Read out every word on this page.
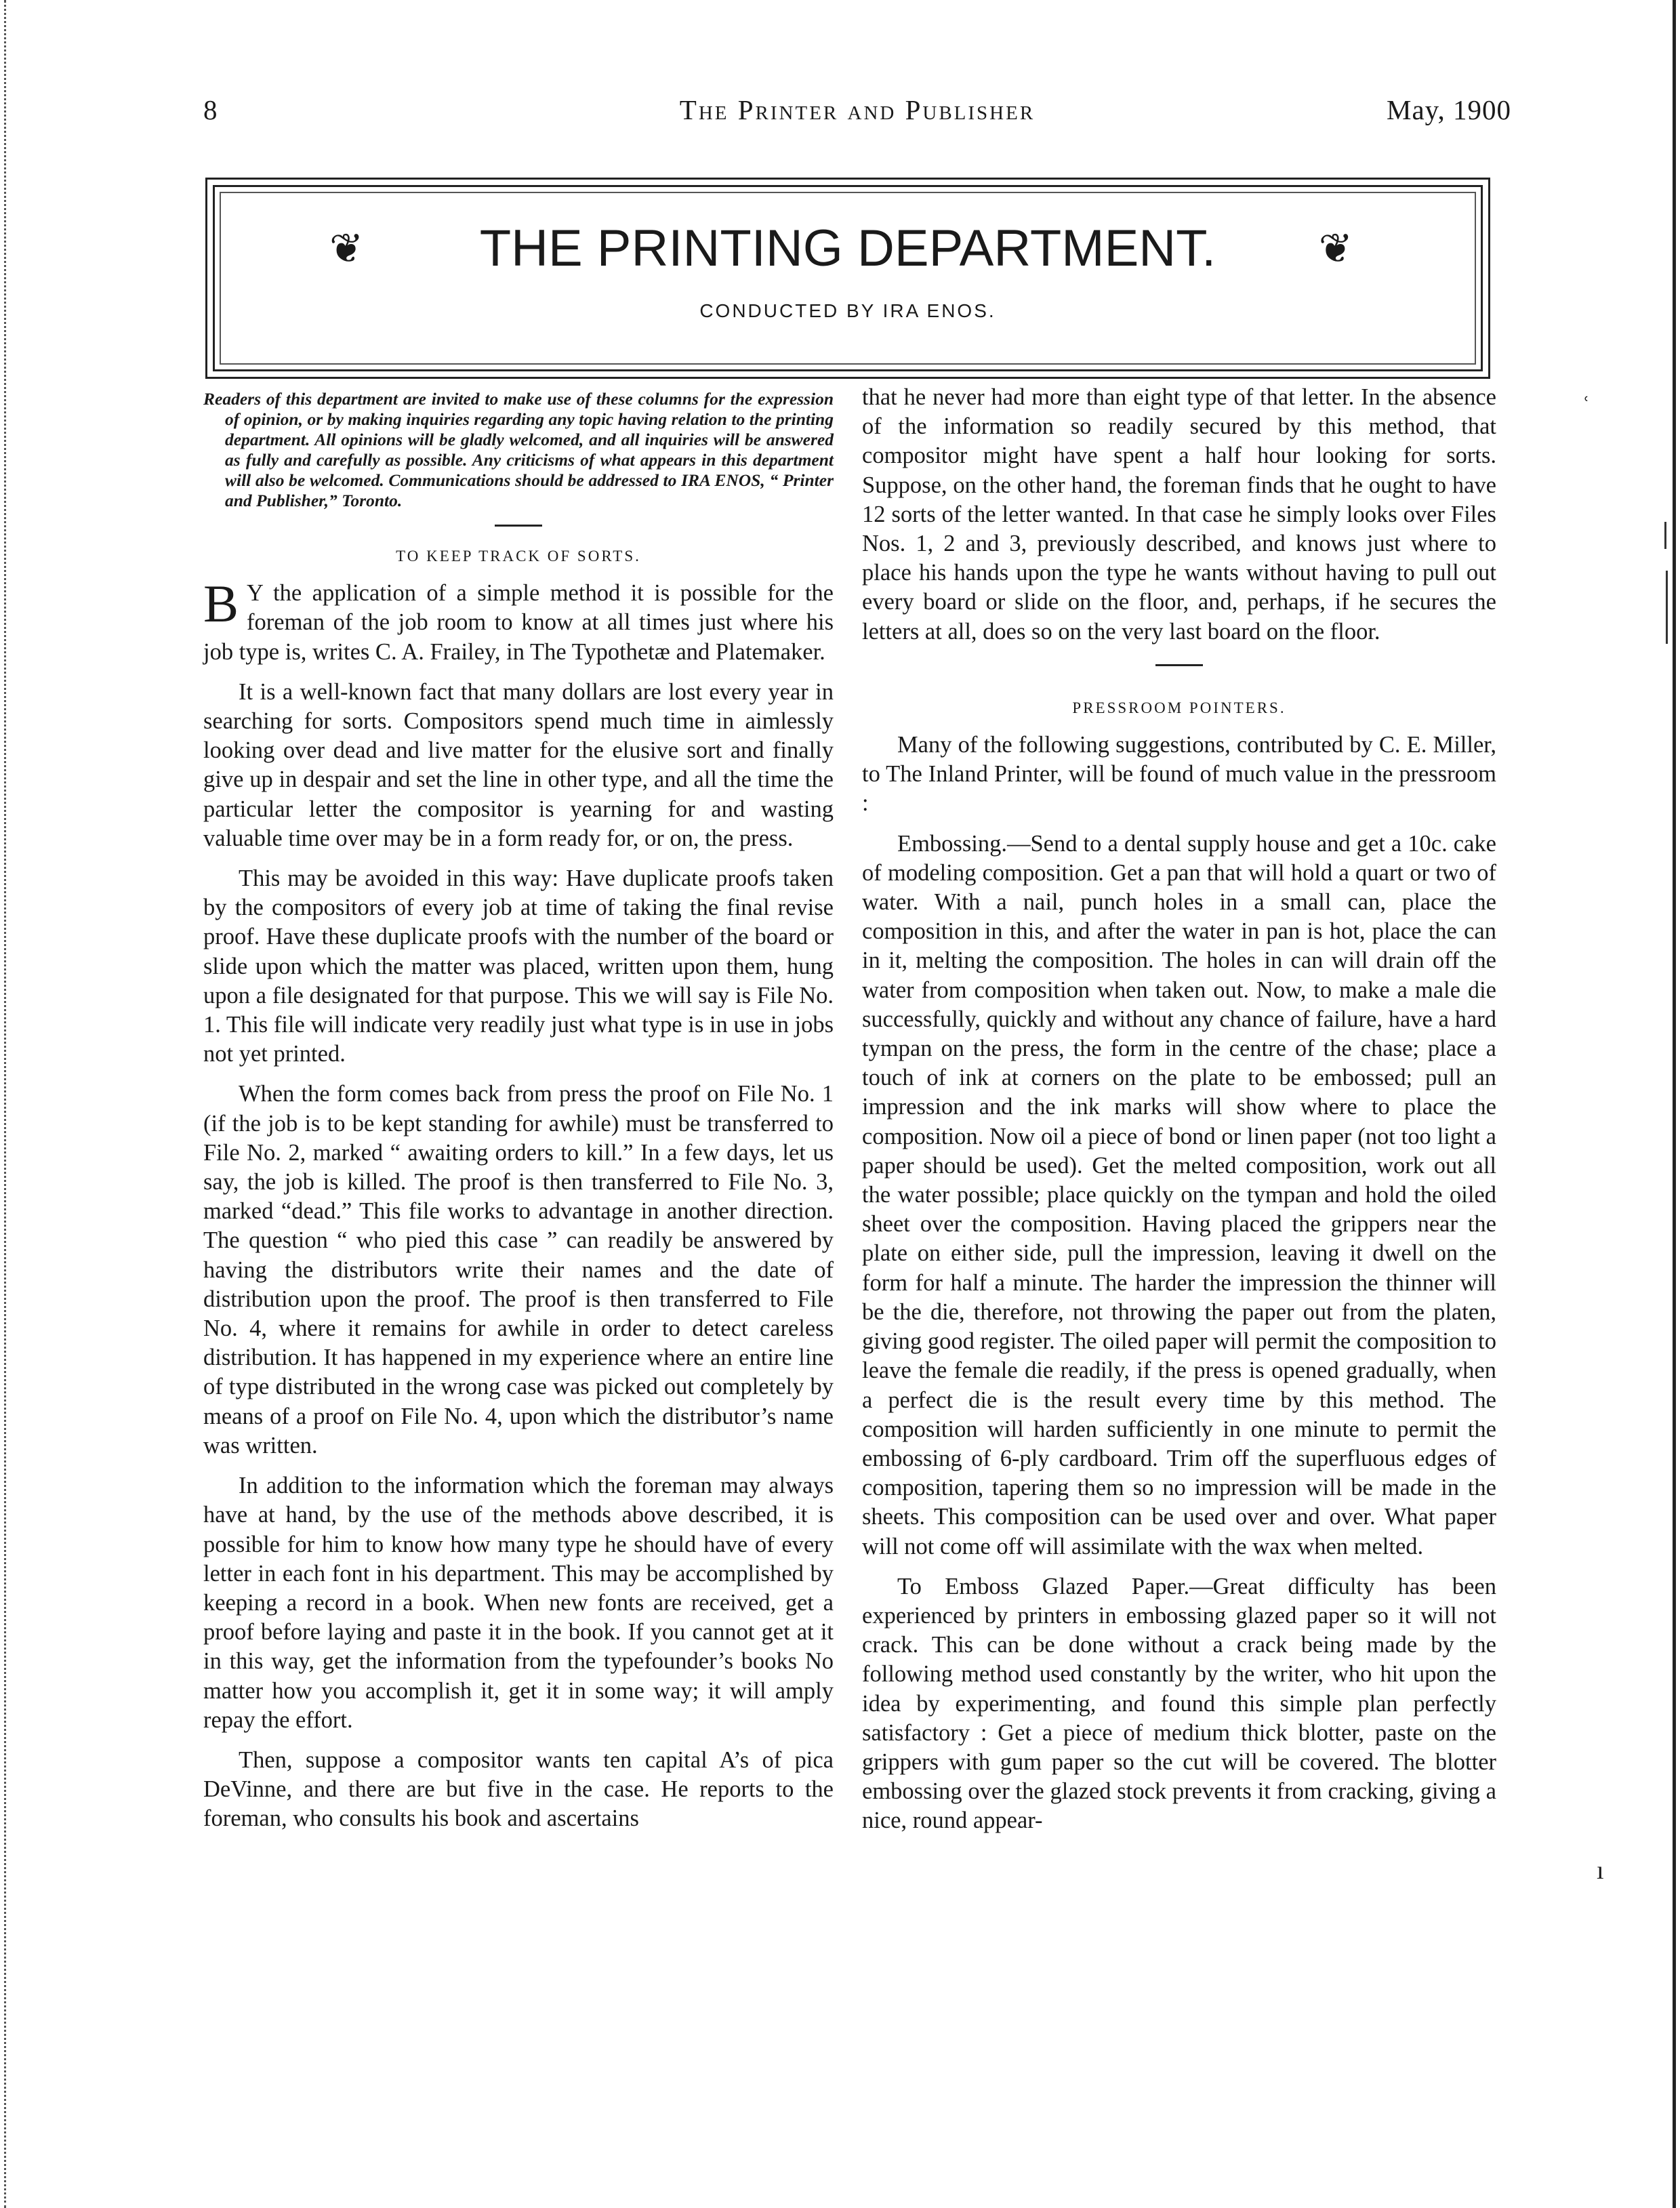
8	The Printer and Publisher	May, 1900
❦	THE PRINTING DEPARTMENT.	❦
CONDUCTED BY IRA ENOS.

Readers of this department are invited to make use of these columns for the expression of opinion, or by making inquiries regarding any topic having relation to the printing department. All opinions will be gladly welcomed, and all inquiries will be answered as fully and carefully as possible. Any criticisms of what appears in this department will also be welcomed. Communications should be addressed to IRA ENOS, “ Printer and Publisher,” Toronto.

TO KEEP TRACK OF SORTS.

B Y the application of a simple method it is possible for the foreman of the job room to know at all times just where his job type is, writes C. A. Frailey, in The Typothetæ and Platemaker.

It is a well-known fact that many dollars are lost every year in searching for sorts. Compositors spend much time in aimlessly looking over dead and live matter for the elusive sort and finally give up in despair and set the line in other type, and all the time the particular letter the compositor is yearning for and wasting valuable time over may be in a form ready for, or on, the press.

This may be avoided in this way: Have duplicate proofs taken by the compositors of every job at time of taking the final revise proof. Have these duplicate proofs with the number of the board or slide upon which the matter was placed, written upon them, hung upon a file designated for that purpose. This we will say is File No. 1. This file will indicate very readily just what type is in use in jobs not yet printed.

When the form comes back from press the proof on File No. 1 (if the job is to be kept standing for awhile) must be transferred to File No. 2, marked “ awaiting orders to kill.” In a few days, let us say, the job is killed. The proof is then transferred to File No. 3, marked “dead.” This file works to advantage in another direction. The question “ who pied this case ” can readily be answered by having the distributors write their names and the date of distribution upon the proof. The proof is then transferred to File No. 4, where it remains for awhile in order to detect careless distribution. It has happened in my experience where an entire line of type distributed in the wrong case was picked out completely by means of a proof on File No. 4, upon which the distributor’s name was written.

In addition to the information which the foreman may always have at hand, by the use of the methods above described, it is possible for him to know how many type he should have of every letter in each font in his department. This may be accomplished by keeping a record in a book. When new fonts are received, get a proof before laying and paste it in the book. If you cannot get at it in this way, get the information from the typefounder’s books No matter how you accomplish it, get it in some way; it will amply repay the effort.

Then, suppose a compositor wants ten capital A’s of pica DeVinne, and there are but five in the case. He reports to the foreman, who consults his book and ascertains

that he never had more than eight type of that letter. In the absence of the information so readily secured by this method, that compositor might have spent a half hour looking for sorts. Suppose, on the other hand, the foreman finds that he ought to have 12 sorts of the letter wanted. In that case he simply looks over Files Nos. 1, 2 and 3, previously described, and knows just where to place his hands upon the type he wants without having to pull out every board or slide on the floor, and, perhaps, if he secures the letters at all, does so on the very last board on the floor.

PRESSROOM POINTERS.

Many of the following suggestions, contributed by C. E. Miller, to The Inland Printer, will be found of much value in the pressroom :

Embossing.—Send to a dental supply house and get a 10c. cake of modeling composition. Get a pan that will hold a quart or two of water. With a nail, punch holes in a small can, place the composition in this, and after the water in pan is hot, place the can in it, melting the composition. The holes in can will drain off the water from composition when taken out. Now, to make a male die successfully, quickly and without any chance of failure, have a hard tympan on the press, the form in the centre of the chase; place a touch of ink at corners on the plate to be embossed; pull an impression and the ink marks will show where to place the composition. Now oil a piece of bond or linen paper (not too light a paper should be used). Get the melted composition, work out all the water possible; place quickly on the tympan and hold the oiled sheet over the composition. Having placed the grippers near the plate on either side, pull the impression, leaving it dwell on the form for half a minute. The harder the impression the thinner will be the die, therefore, not throwing the paper out from the platen, giving good register. The oiled paper will permit the composition to leave the female die readily, if the press is opened gradually, when a perfect die is the result every time by this method. The composition will harden sufficiently in one minute to permit the embossing of 6-ply cardboard. Trim off the superfluous edges of composition, tapering them so no impression will be made in the sheets. This composition can be used over and over. What paper will not come off will assimilate with the wax when melted.

To Emboss Glazed Paper.—Great difficulty has been experienced by printers in embossing glazed paper so it will not crack. This can be done without a crack being made by the following method used constantly by the writer, who hit upon the idea by experimenting, and found this simple plan perfectly satisfactory : Get a piece of medium thick blotter, paste on the grippers with gum paper so the cut will be covered. The blotter embossing over the glazed stock prevents it from cracking, giving a nice, round appear-

ʿ
ı
